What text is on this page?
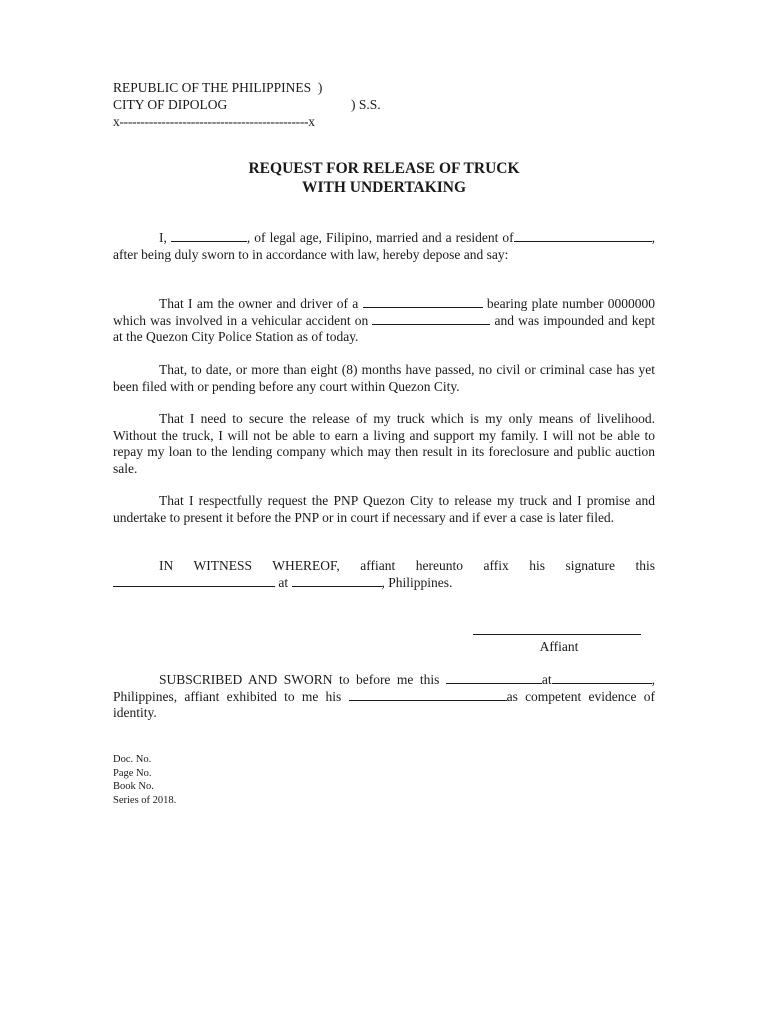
REPUBLIC OF THE PHILIPPINES  )
CITY OF DIPOLOG	) S.S.
x---------------------------------------------x
REQUEST FOR RELEASE OF TRUCK
WITH UNDERTAKING
I,	, of legal age, Filipino, married and a resident of	, after being duly sworn to in accordance with law, hereby depose and say:
That I am the owner and driver of a	bearing plate number 0000000 which was involved in a vehicular accident on	and was impounded and kept at the Quezon City Police Station as of today.
That, to date, or more than eight (8) months have passed, no civil or criminal case has yet been filed with or pending before any court within Quezon City.
That I need to secure the release of my truck which is my only means of livelihood. Without the truck, I will not be able to earn a living and support my family. I will not be able to repay my loan to the lending company which may then result in its foreclosure and public auction sale.
That I respectfully request the PNP Quezon City to release my truck and I promise and undertake to present it before the PNP or in court if necessary and if ever a case is later filed.
IN WITNESS WHEREOF, affiant hereunto affix his signature this at	, Philippines.
Affiant
SUBSCRIBED AND SWORN to before me this	at	, Philippines, affiant exhibited to me his	as competent evidence of identity.
Doc. No.
Page No.
Book No.
Series of 2018.
